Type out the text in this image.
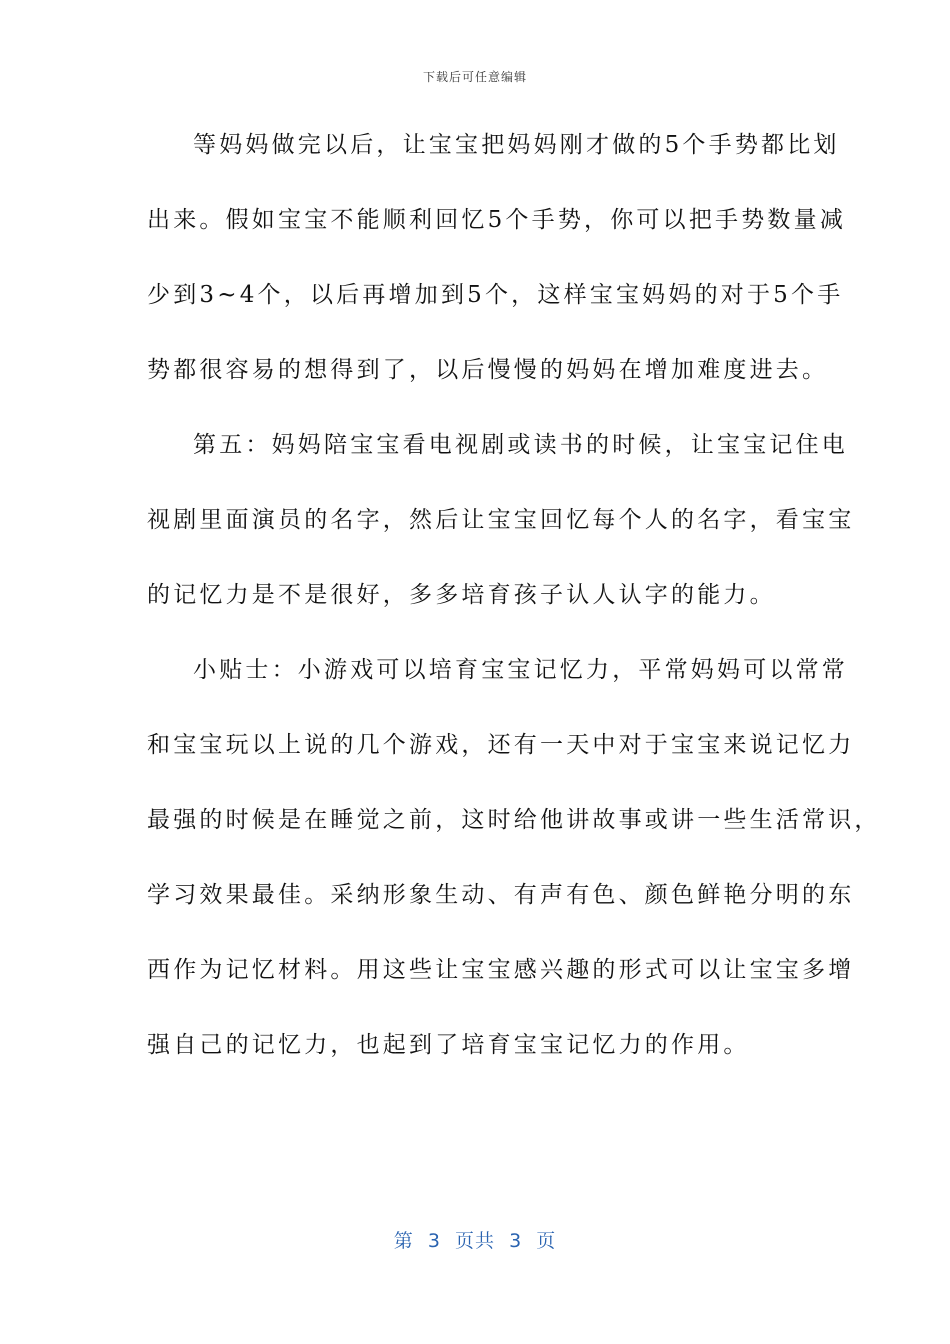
下载后可任意编辑
等妈妈做完以后，让宝宝把妈妈刚才做的5个手势都比划
出来。假如宝宝不能顺利回忆5个手势，你可以把手势数量减
少到3~4个，以后再增加到5个，这样宝宝妈妈的对于5个手
势都很容易的想得到了，以后慢慢的妈妈在增加难度进去。
第五：妈妈陪宝宝看电视剧或读书的时候，让宝宝记住电
视剧里面演员的名字，然后让宝宝回忆每个人的名字，看宝宝
的记忆力是不是很好，多多培育孩子认人认字的能力。
小贴士：小游戏可以培育宝宝记忆力，平常妈妈可以常常
和宝宝玩以上说的几个游戏，还有一天中对于宝宝来说记忆力
最强的时候是在睡觉之前，这时给他讲故事或讲一些生活常识，
学习效果最佳。采纳形象生动、有声有色、颜色鲜艳分明的东
西作为记忆材料。用这些让宝宝感兴趣的形式可以让宝宝多增
强自己的记忆力，也起到了培育宝宝记忆力的作用。
第  3  页共  3  页
